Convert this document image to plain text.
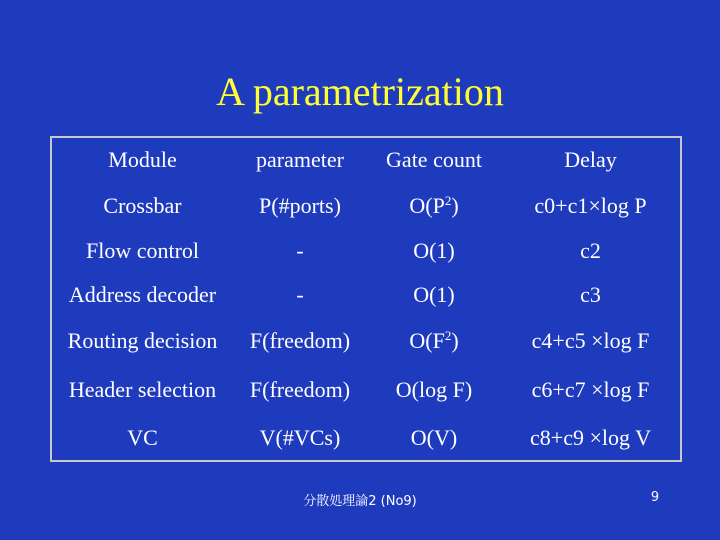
A parametrization
Module	parameter	Gate count	Delay
Crossbar	P(#ports)	$O(P^2)$	c0+c1×log P
Flow control	-	O(1)	c2
Address decoder	-	O(1)	c3
Routing decision	F(freedom)	$O(F^2)$	c4+c5 ×log F
Header selection	F(freedom)	O(log F)	c6+c7 ×log F
VC	V(#VCs)	O(V)	c8+c9 ×log V
分散処理論2 (No9)	9
